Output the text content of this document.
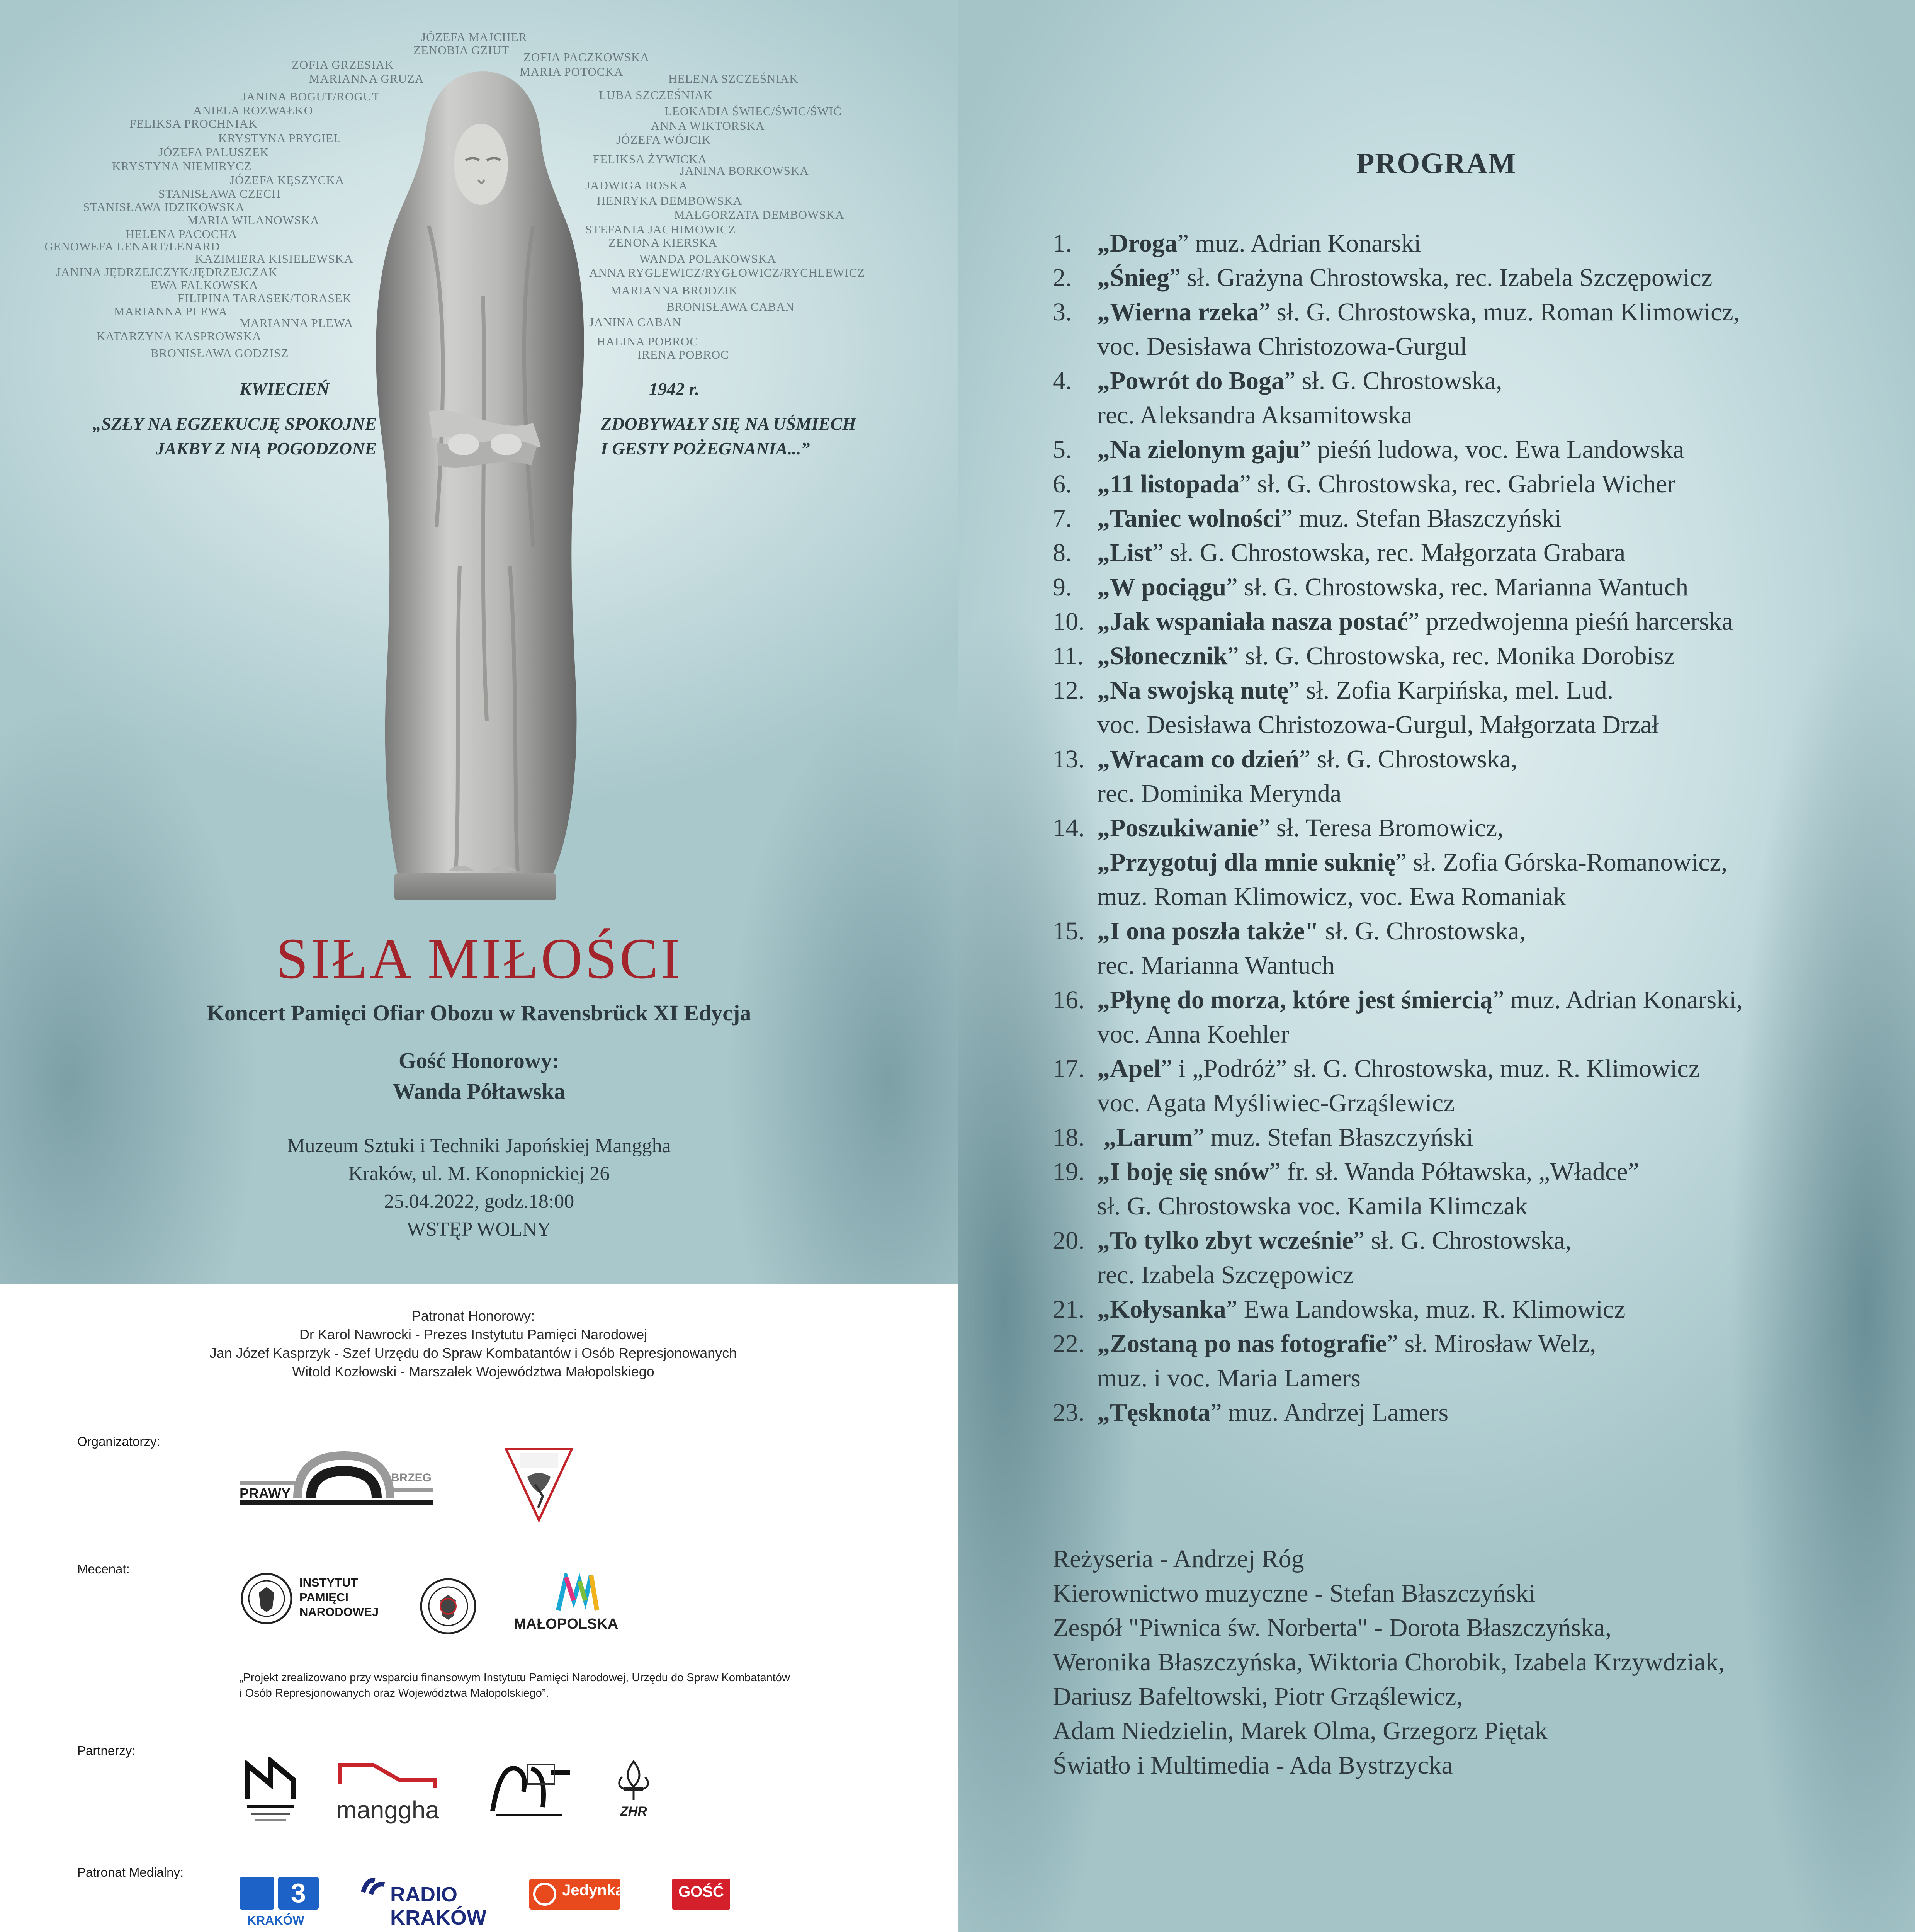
JÓZEFA MAJCHER
ZENOBIA GZIUT
ZOFIA GRZESIAK
MARIANNA GRUZA
JANINA BOGUT/ROGUT
ANIELA ROZWAŁKO
FELIKSA PROCHNIAK
KRYSTYNA PRYGIEL
JÓZEFA PALUSZEK
KRYSTYNA NIEMIRYCZ
JÓZEFA KĘSZYCKA
STANISŁAWA CZECH
STANISŁAWA IDZIKOWSKA
MARIA WILANOWSKA
HELENA PACOCHA
GENOWEFA LENART/LENARD
KAZIMIERA KISIELEWSKA
JANINA JĘDRZEJCZYK/JĘDRZEJCZAK
EWA FALKOWSKA
FILIPINA TARASEK/TORASEK
MARIANNA PLEWA
MARIANNA PLEWA
KATARZYNA KASPROWSKA
BRONISŁAWA GODZISZ
ZOFIA PACZKOWSKA
MARIA POTOCKA
HELENA SZCZEŚNIAK
LUBA SZCZEŚNIAK
LEOKADIA ŚWIEC/ŚWIC/ŚWIĆ
ANNA WIKTORSKA
JÓZEFA WÓJCIK
FELIKSA ŻYWICKA
JANINA BORKOWSKA
JADWIGA BOSKA
HENRYKA DEMBOWSKA
MAŁGORZATA DEMBOWSKA
STEFANIA JACHIMOWICZ
ZENONA KIERSKA
WANDA POLAKOWSKA
ANNA RYGLEWICZ/RYGŁOWICZ/RYCHLEWICZ
MARIANNA BRODZIK
BRONISŁAWA CABAN
JANINA CABAN
HALINA POBROC
IRENA POBROC
KWIECIEŃ	1942 r.
„SZŁY NA EGZEKUCJĘ SPOKOJNE
JAKBY Z NIĄ POGODZONE
ZDOBYWAŁY SIĘ NA UŚMIECH
I GESTY POŻEGNANIA...”
SIŁA MIŁOŚCI
Koncert Pamięci Ofiar Obozu w Ravensbrück XI Edycja
Gość Honorowy:
Wanda Półtawska
Muzeum Sztuki i Techniki Japońskiej Manggha
Kraków, ul. M. Konopnickiej 26
25.04.2022, godz.18:00
WSTĘP WOLNY
Patronat Honorowy:
Dr Karol Nawrocki - Prezes Instytutu Pamięci Narodowej
Jan Józef Kasprzyk - Szef Urzędu do Spraw Kombatantów i Osób Represjonowanych
Witold Kozłowski - Marszałek Województwa Małopolskiego
Organizatorzy:
Mecenat:
Partnerzy:
Patronat Medialny:
PRAWY
BRZEG
INSTYTUT
PAMIĘCI
NARODOWEJ
MAŁOPOLSKA
„Projekt zrealizowano przy wsparciu finansowym Instytutu Pamięci Narodowej, Urzędu do Spraw Kombatantów
i Osób Represjonowanych oraz Województwa Małopolskiego”.
manggha	ZHR
3
KRAKÓW
RADIO
KRAKÓW
Jedynka	GOŚĆ
PROGRAM
1. „Droga” muz. Adrian Konarski
2. „Śnieg” sł. Grażyna Chrostowska, rec. Izabela Szczępowicz
3. „Wierna rzeka” sł. G. Chrostowska, muz. Roman Klimowicz,
voc. Desisława Christozowa-Gurgul
4. „Powrót do Boga” sł. G. Chrostowska,
rec. Aleksandra Aksamitowska
5. „Na zielonym gaju” pieśń ludowa, voc. Ewa Landowska
6. „11 listopada” sł. G. Chrostowska, rec. Gabriela Wicher
7. „Taniec wolności” muz. Stefan Błaszczyński
8. „List” sł. G. Chrostowska, rec. Małgorzata Grabara
9. „W pociągu” sł. G. Chrostowska, rec. Marianna Wantuch
10. „Jak wspaniała nasza postać” przedwojenna pieśń harcerska
11. „Słonecznik” sł. G. Chrostowska, rec. Monika Dorobisz
12. „Na swojską nutę” sł. Zofia Karpińska, mel. Lud.
voc. Desisława Christozowa-Gurgul, Małgorzata Drzał
13. „Wracam co dzień” sł. G. Chrostowska,
rec. Dominika Merynda
14. „Poszukiwanie” sł. Teresa Bromowicz,
„Przygotuj dla mnie suknię” sł. Zofia Górska-Romanowicz,
muz. Roman Klimowicz, voc. Ewa Romaniak
15. „I ona poszła także" sł. G. Chrostowska,
rec. Marianna Wantuch
16. „Płynę do morza, które jest śmiercią” muz. Adrian Konarski,
voc. Anna Koehler
17. „Apel” i „Podróż” sł. G. Chrostowska, muz. R. Klimowicz
voc. Agata Myśliwiec-Grząślewicz
18. „Larum” muz. Stefan Błaszczyński
19. „I boję się snów” fr. sł. Wanda Półtawska, „Władce”
sł. G. Chrostowska voc. Kamila Klimczak
20. „To tylko zbyt wcześnie” sł. G. Chrostowska,
rec. Izabela Szczępowicz
21. „Kołysanka” Ewa Landowska, muz. R. Klimowicz
22. „Zostaną po nas fotografie” sł. Mirosław Welz,
muz. i voc. Maria Lamers
23. „Tęsknota” muz. Andrzej Lamers
Reżyseria - Andrzej Róg
Kierownictwo muzyczne - Stefan Błaszczyński
Zespół "Piwnica św. Norberta" - Dorota Błaszczyńska,
Weronika Błaszczyńska, Wiktoria Chorobik, Izabela Krzywdziak,
Dariusz Bafeltowski, Piotr Grząślewicz,
Adam Niedzielin, Marek Olma, Grzegorz Piętak
Światło i Multimedia - Ada Bystrzycka
